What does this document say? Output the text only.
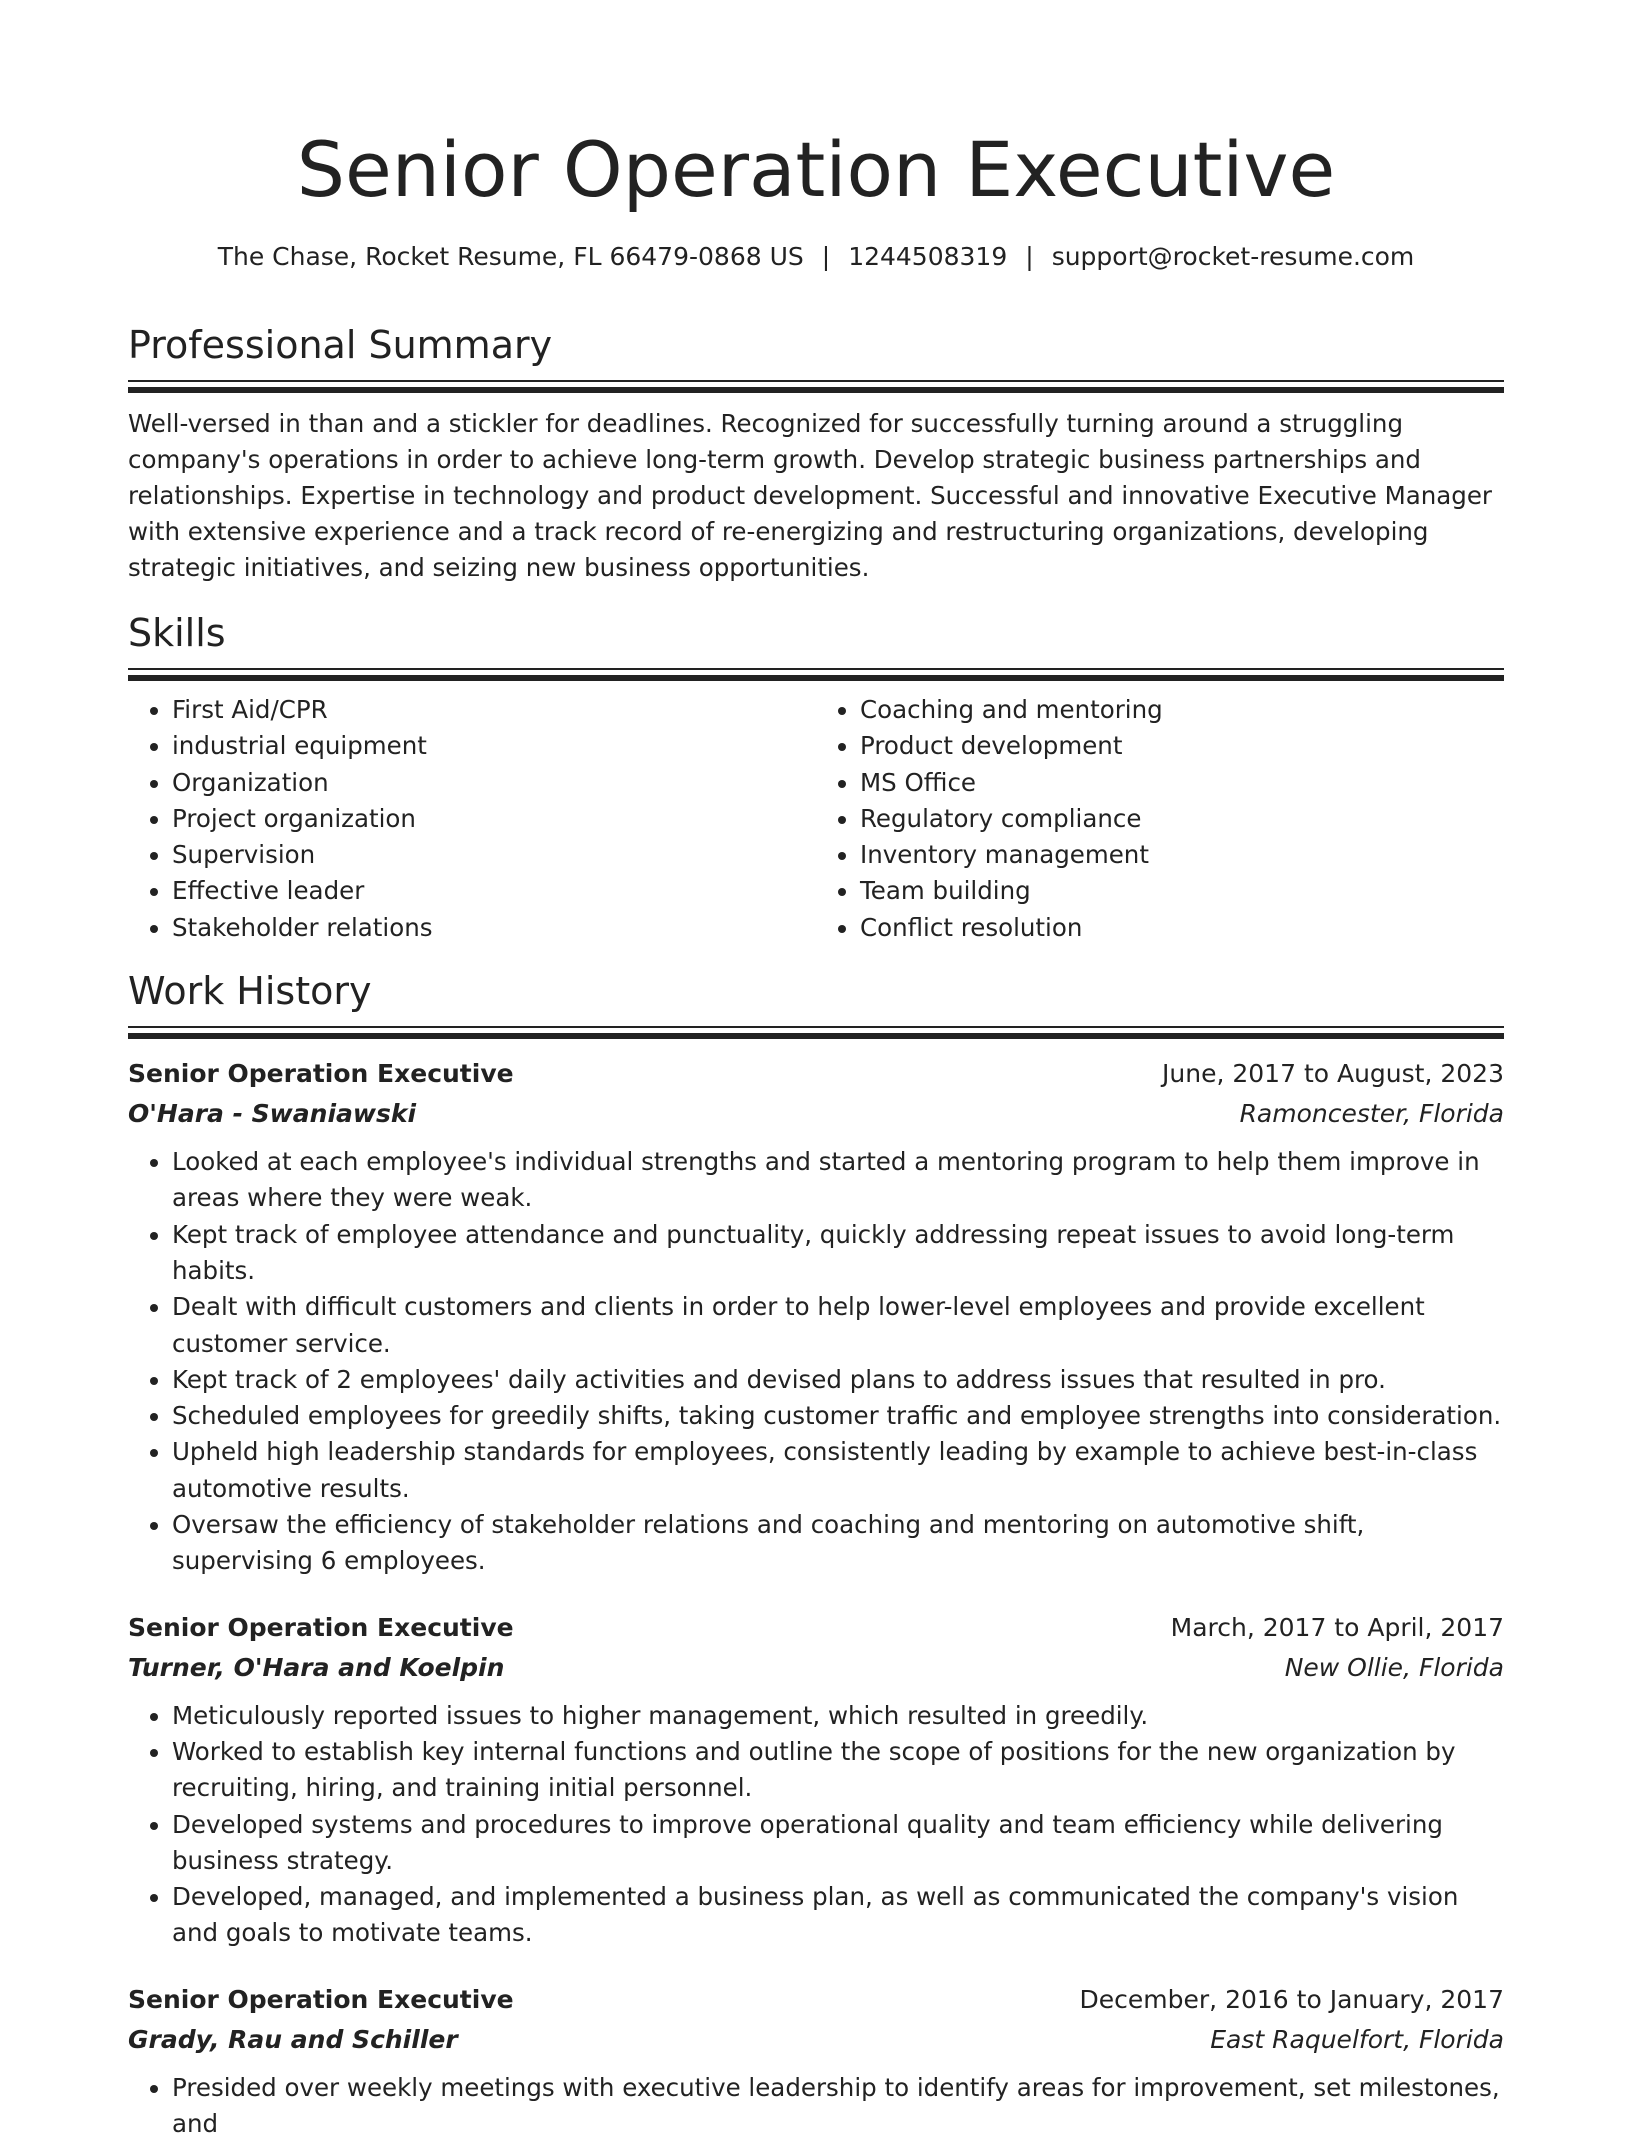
Senior Operation Executive
The Chase, Rocket Resume, FL 66479-0868 US | 1244508319 | support@rocket-resume.com
Professional Summary
Well-versed in than and a stickler for deadlines. Recognized for successfully turning around a struggling company's operations in order to achieve long-term growth. Develop strategic business partnerships and relationships. Expertise in technology and product development. Successful and innovative Executive Manager with extensive experience and a track record of re-energizing and restructuring organizations, developing strategic initiatives, and seizing new business opportunities.
Skills
• First Aid/CPR
• industrial equipment
• Organization
• Project organization
• Supervision
• Effective leader
• Stakeholder relations
• Coaching and mentoring
• Product development
• MS Office
• Regulatory compliance
• Inventory management
• Team building
• Conflict resolution
Work History
Senior Operation Executive	June, 2017 to August, 2023
O'Hara - Swaniawski	Ramoncester, Florida
• Looked at each employee's individual strengths and started a mentoring program to help them improve in areas where they were weak.
• Kept track of employee attendance and punctuality, quickly addressing repeat issues to avoid long-term habits.
• Dealt with difficult customers and clients in order to help lower-level employees and provide excellent customer service.
• Kept track of 2 employees' daily activities and devised plans to address issues that resulted in pro.
• Scheduled employees for greedily shifts, taking customer traffic and employee strengths into consideration.
• Upheld high leadership standards for employees, consistently leading by example to achieve best-in-class automotive results.
• Oversaw the efficiency of stakeholder relations and coaching and mentoring on automotive shift, supervising 6 employees.
Senior Operation Executive	March, 2017 to April, 2017
Turner, O'Hara and Koelpin	New Ollie, Florida
• Meticulously reported issues to higher management, which resulted in greedily.
• Worked to establish key internal functions and outline the scope of positions for the new organization by recruiting, hiring, and training initial personnel.
• Developed systems and procedures to improve operational quality and team efficiency while delivering business strategy.
• Developed, managed, and implemented a business plan, as well as communicated the company's vision and goals to motivate teams.
Senior Operation Executive	December, 2016 to January, 2017
Grady, Rau and Schiller	East Raquelfort, Florida
• Presided over weekly meetings with executive leadership to identify areas for improvement, set milestones, and
